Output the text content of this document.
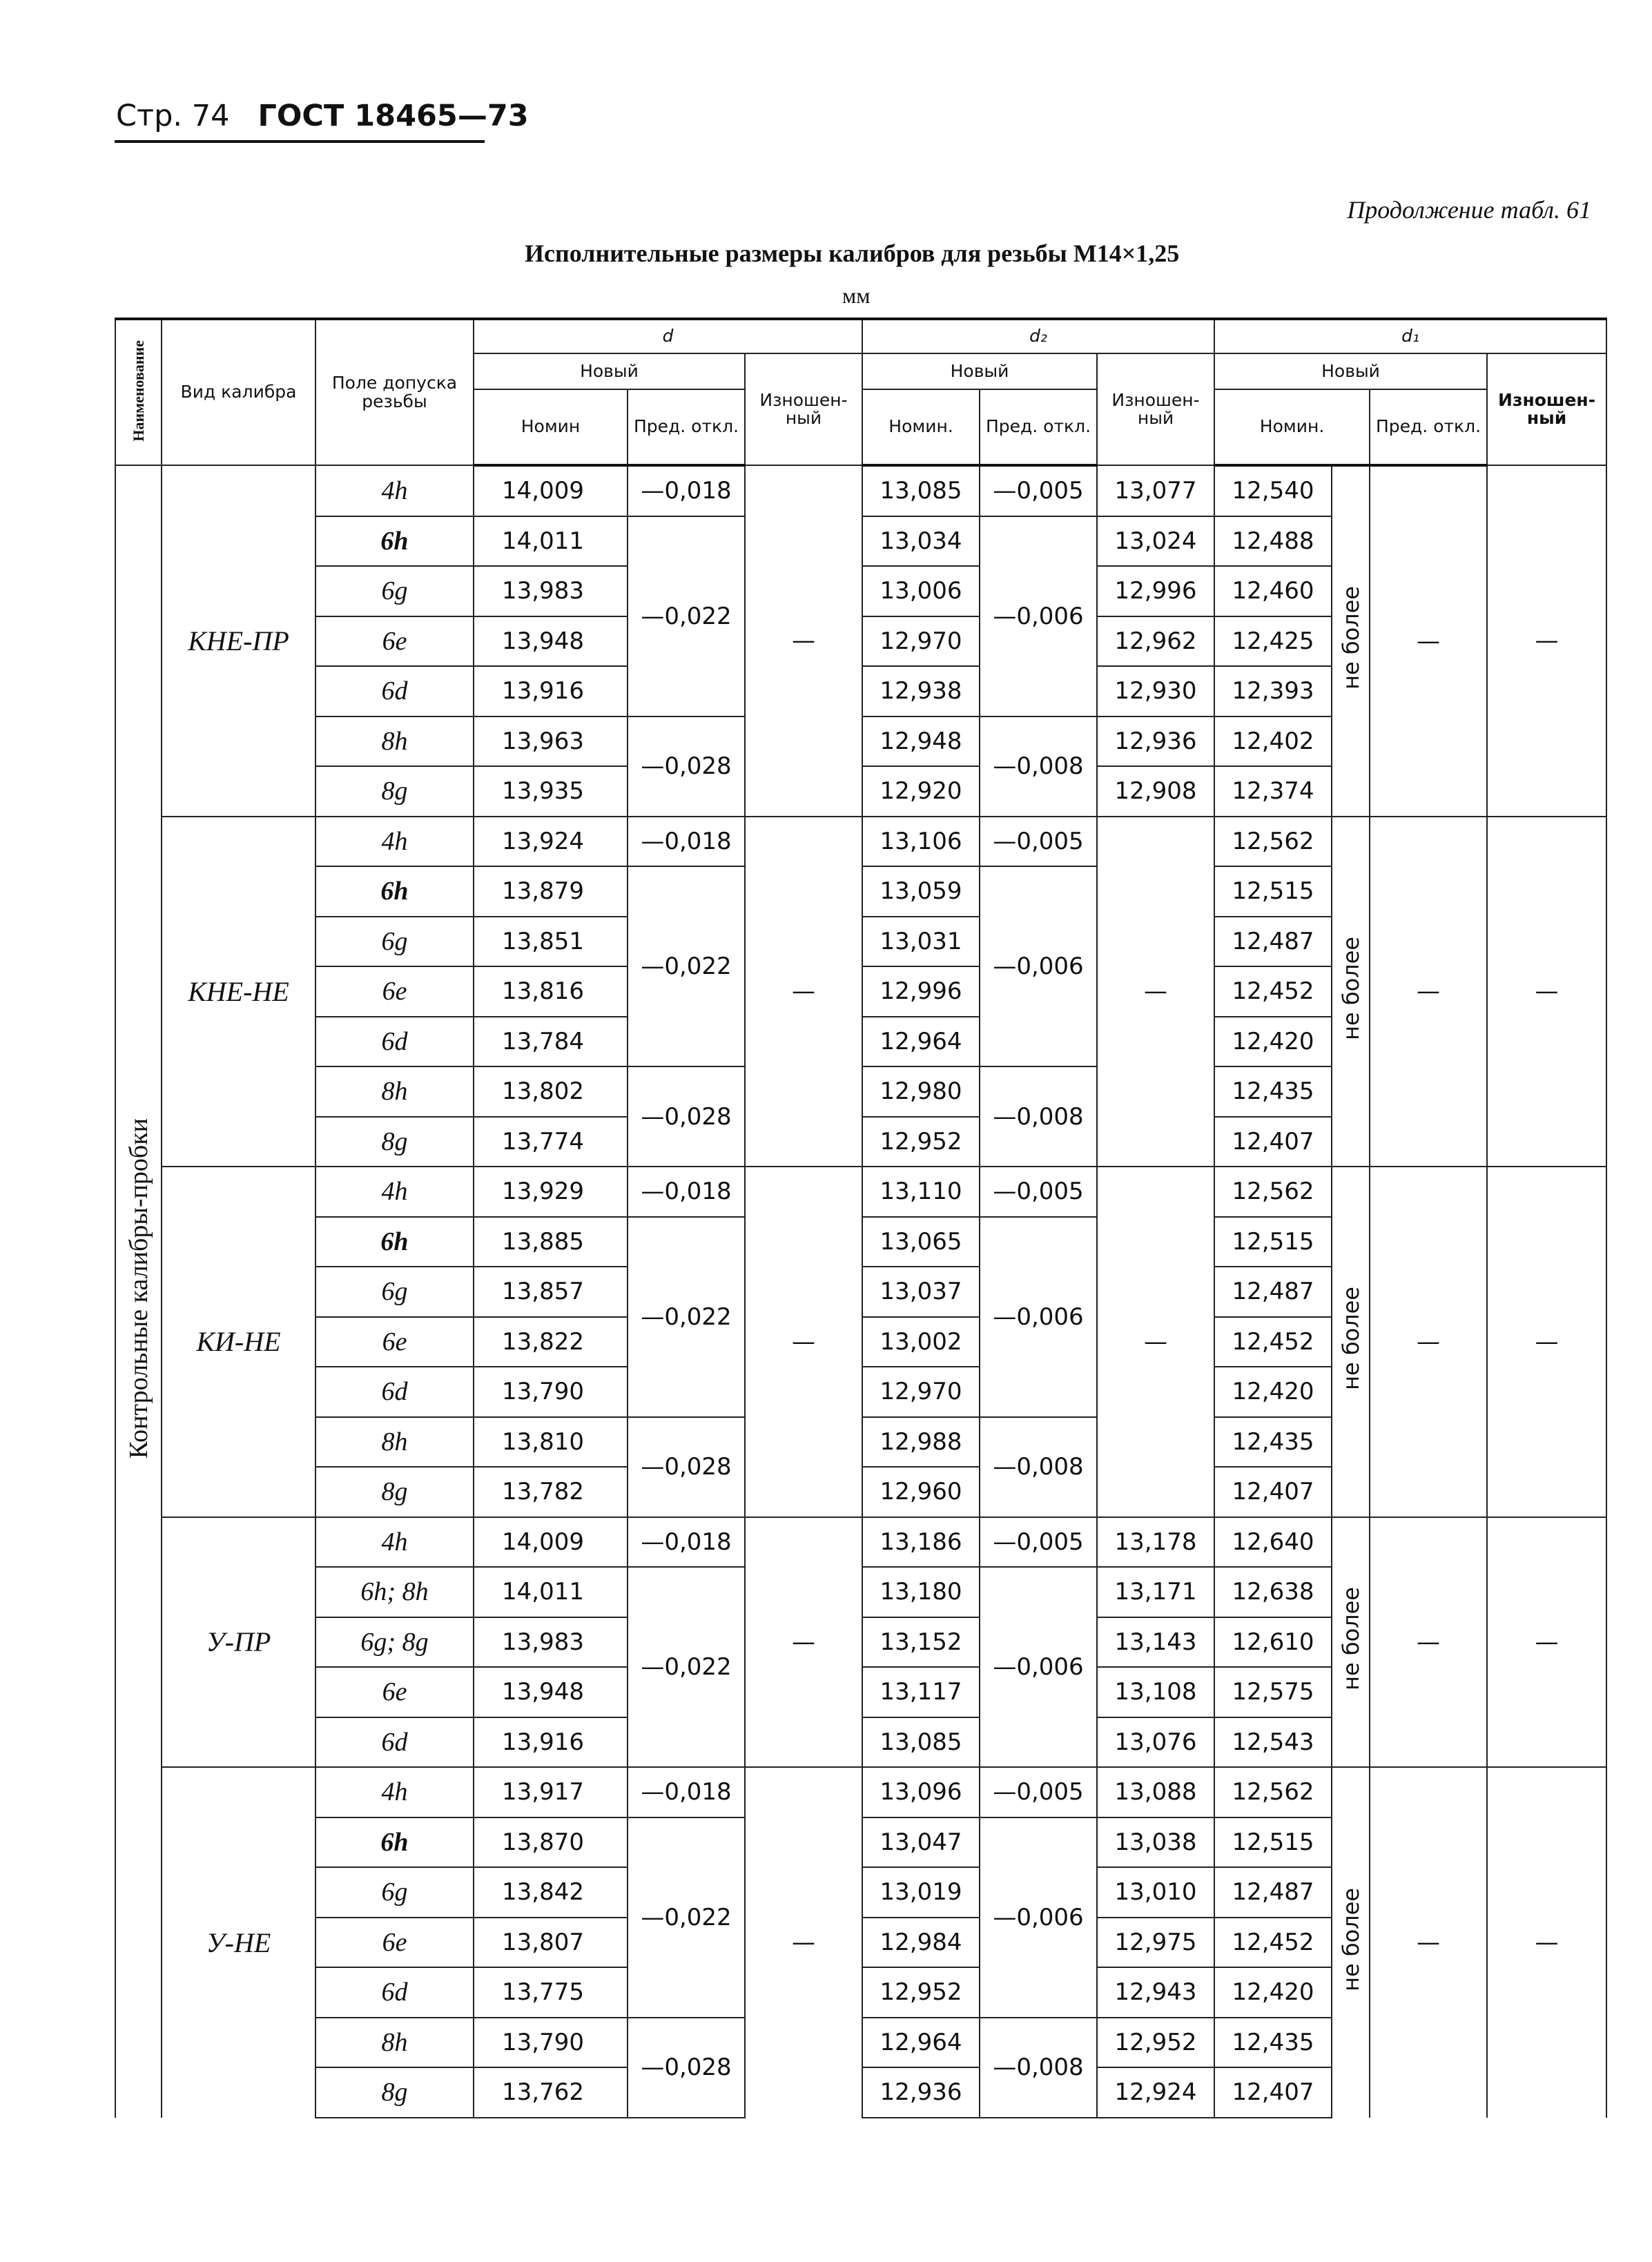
Стр. 74 ГОСТ 18465—73
Продолжение табл. 61
Исполнительные размеры калибров для резьбы М14×1,25
мм
Наименование	Вид калибра	Поле допуска резьбы	d			d₂			d₁			
			Новый		Изношен-ный	Новый		Изношен-ный	Новый			Изношен-ный
			Номин	Пред. откл.		Номин.	Пред. откл.		Номин.		Пред. откл.	
Контрольные калибры-пробки	КНЕ-ПР	4h	14,009	—0,018	—	13,085	—0,005	13,077	12,540	не более	—	—
		6h	14,011	—0,022		13,034	—0,006	13,024	12,488			
		6g	13,983			13,006		12,996	12,460			
		6e	13,948			12,970		12,962	12,425			
		6d	13,916			12,938		12,930	12,393			
		8h	13,963	—0,028		12,948	—0,008	12,936	12,402			
		8g	13,935			12,920		12,908	12,374			
	КНЕ-НЕ	4h	13,924	—0,018	—	13,106	—0,005	—	12,562	не более	—	—
		6h	13,879	—0,022		13,059	—0,006		12,515			
		6g	13,851			13,031			12,487			
		6e	13,816			12,996			12,452			
		6d	13,784			12,964			12,420			
		8h	13,802	—0,028		12,980	—0,008		12,435			
		8g	13,774			12,952			12,407			
	КИ-НЕ	4h	13,929	—0,018	—	13,110	—0,005	—	12,562	не более	—	—
		6h	13,885	—0,022		13,065	—0,006		12,515			
		6g	13,857			13,037			12,487			
		6e	13,822			13,002			12,452			
		6d	13,790			12,970			12,420			
		8h	13,810	—0,028		12,988	—0,008		12,435			
		8g	13,782			12,960			12,407			
	У-ПР	4h	14,009	—0,018	—	13,186	—0,005	13,178	12,640	не более	—	—
		6h; 8h	14,011	—0,022		13,180	—0,006	13,171	12,638			
		6g; 8g	13,983			13,152		13,143	12,610			
		6e	13,948			13,117		13,108	12,575			
		6d	13,916			13,085		13,076	12,543			
	У-НЕ	4h	13,917	—0,018	—	13,096	—0,005	13,088	12,562	не более	—	—
		6h	13,870	—0,022		13,047	—0,006	13,038	12,515			
		6g	13,842			13,019		13,010	12,487			
		6e	13,807			12,984		12,975	12,452			
		6d	13,775			12,952		12,943	12,420			
		8h	13,790	—0,028		12,964	—0,008	12,952	12,435			
		8g	13,762			12,936		12,924	12,407			
